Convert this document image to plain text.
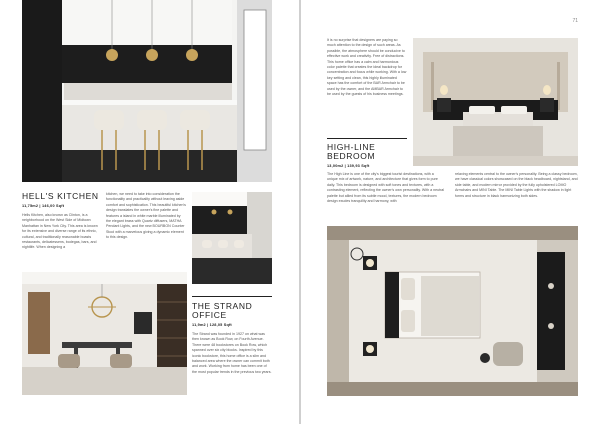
HELL'S KITCHEN
11,75m2 | 146,00 Sqft

Hells Kitchen, also known as Clinton, is a neighborhood on the West Side of Midtown Manhattan in New York City. This area is known for its extensive and diverse range of its ethnic, cultural, and traditionally reasonable boasts restaurants, delicatessens, bodegas, bars, and nightlife. When designing a

kitchen, we need to take into consideration the functionality and practicality without leaving aside comfort and sophistication. This beautiful kitchen's design translates the owner's fine palette and features a island in white marble illuminated by the elegant brass with Quartz diffusers, MATHA Pendant Lights, and the new BOURBON Counter Stool with a marvelous giving a dynamic element to this design.

THE STRAND OFFICE
11,9m2 | 128,05 Sqft

The Strand was founded in 1927 on what was then known as Book Row, on Fourth Avenue. There were 48 bookstores on Book Row, which spanned over six city blocks. Inspired by this iconic bookstore, this home office is a slim and balanced area where the owner can commit both and work. Working from home has been one of the most popular trends in the previous two years.

71

It is no surprise that designers are paying so much attention to the design of such areas. As possible, the atmosphere should be conducive to effective work and creativity. Free of distractions. This home office has a calm and harmonious color palette that creates the ideal backdrop for concentration and focus while working. With a low key setting and clean, this highly illuminated space has the comfort of the BAR Armchair to be used by the owner, and the AMBAR Armchair to be used by the guests of his business meetings.

HIGH-LINE BEDROOM
13,00m2 | 139,93 Sqft

The High Line is one of the city's biggest tourist destinations, with a unique mix of artwork, nature, and architecture that gives form to pure daily. This bedroom is designed with soft tones and textures, with a contrasting element, reflecting the owner's own personality. With a neutral palette but allied from its subtle mood, textures, the modern bedroom design exudes tranquility and harmony, with

relaxing elements central to the owner's personality. Being a classy bedroom, we have classical colors showcased on the black headboard, nightstand, and side table, and modern mirror provided by the fully upholstered LOMO Armchairs and MINI Table. The MINI Table Lights with the shadow in light forms and structure in black harmonizing both sides.
